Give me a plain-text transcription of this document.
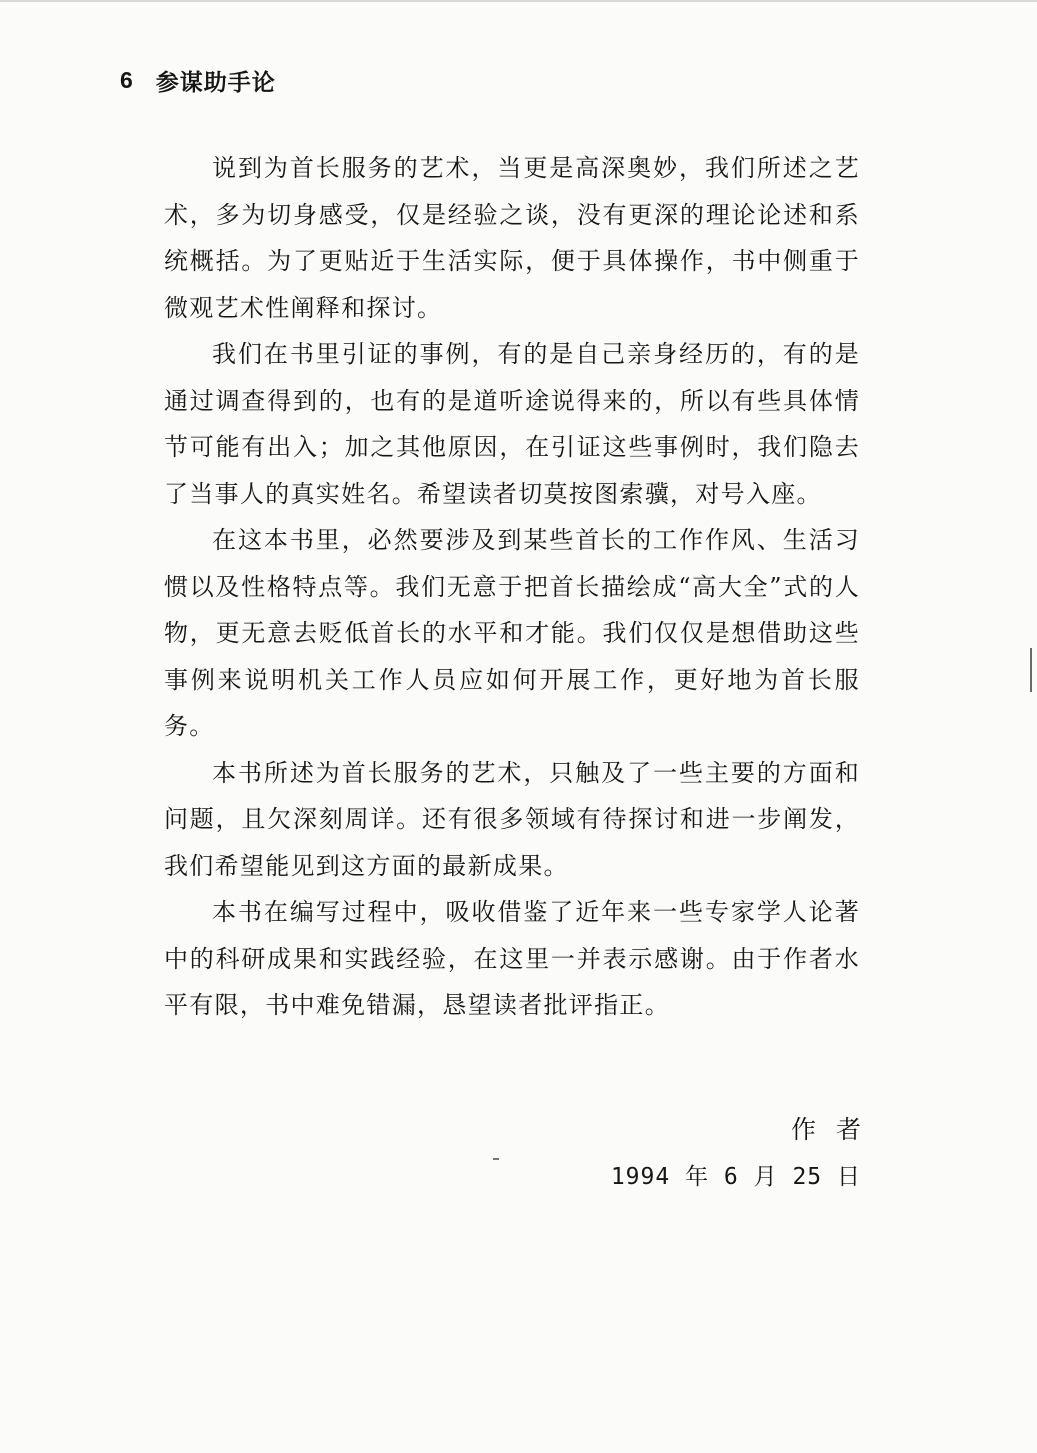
6 参谋助手论

说到为首长服务的艺术，当更是高深奥妙，我们所述之艺术，多为切身感受，仅是经验之谈，没有更深的理论论述和系统概括。为了更贴近于生活实际，便于具体操作，书中侧重于微观艺术性阐释和探讨。

我们在书里引证的事例，有的是自己亲身经历的，有的是通过调查得到的，也有的是道听途说得来的，所以有些具体情节可能有出入；加之其他原因，在引证这些事例时，我们隐去了当事人的真实姓名。希望读者切莫按图索骥，对号入座。

在这本书里，必然要涉及到某些首长的工作作风、生活习惯以及性格特点等。我们无意于把首长描绘成“高大全”式的人物，更无意去贬低首长的水平和才能。我们仅仅是想借助这些事例来说明机关工作人员应如何开展工作，更好地为首长服务。

本书所述为首长服务的艺术，只触及了一些主要的方面和问题，且欠深刻周详。还有很多领域有待探讨和进一步阐发，我们希望能见到这方面的最新成果。

本书在编写过程中，吸收借鉴了近年来一些专家学人论著中的科研成果和实践经验，在这里一并表示感谢。由于作者水平有限，书中难免错漏，恳望读者批评指正。

作者
1994 年 6 月 25 日
